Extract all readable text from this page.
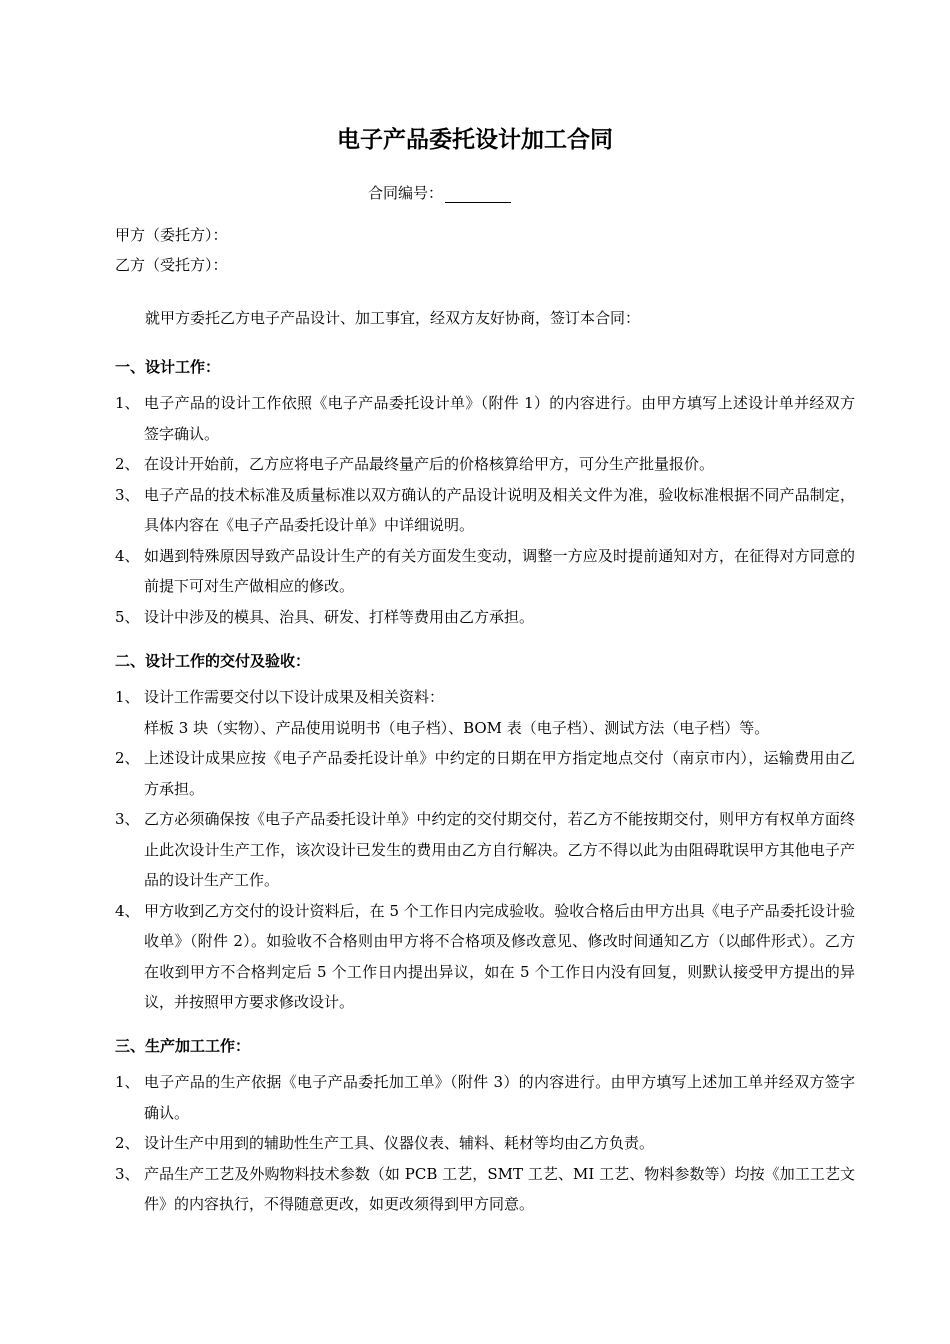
电子产品委托设计加工合同
合同编号：
甲方（委托方）：
乙方（受托方）：
就甲方委托乙方电子产品设计、加工事宜，经双方友好协商，签订本合同：
一、设计工作：
1、 电子产品的设计工作依照《电子产品委托设计单》（附件 1）的内容进行。由甲方填写上述设计单并经双方签字确认。
2、 在设计开始前，乙方应将电子产品最终量产后的价格核算给甲方，可分生产批量报价。
3、 电子产品的技术标准及质量标准以双方确认的产品设计说明及相关文件为准，验收标准根据不同产品制定，具体内容在《电子产品委托设计单》中详细说明。
4、 如遇到特殊原因导致产品设计生产的有关方面发生变动，调整一方应及时提前通知对方，在征得对方同意的前提下可对生产做相应的修改。
5、 设计中涉及的模具、治具、研发、打样等费用由乙方承担。
二、设计工作的交付及验收：
1、 设计工作需要交付以下设计成果及相关资料：
样板 3 块（实物）、产品使用说明书（电子档）、BOM 表（电子档）、测试方法（电子档）等。
2、 上述设计成果应按《电子产品委托设计单》中约定的日期在甲方指定地点交付（南京市内），运输费用由乙方承担。
3、 乙方必须确保按《电子产品委托设计单》中约定的交付期交付，若乙方不能按期交付，则甲方有权单方面终止此次设计生产工作，该次设计已发生的费用由乙方自行解决。乙方不得以此为由阻碍耽误甲方其他电子产品的设计生产工作。
4、 甲方收到乙方交付的设计资料后，在 5 个工作日内完成验收。验收合格后由甲方出具《电子产品委托设计验收单》（附件 2）。如验收不合格则由甲方将不合格项及修改意见、修改时间通知乙方（以邮件形式）。乙方在收到甲方不合格判定后 5 个工作日内提出异议，如在 5 个工作日内没有回复，则默认接受甲方提出的异议，并按照甲方要求修改设计。
三、生产加工工作：
1、 电子产品的生产依据《电子产品委托加工单》（附件 3）的内容进行。由甲方填写上述加工单并经双方签字确认。
2、 设计生产中用到的辅助性生产工具、仪器仪表、辅料、耗材等均由乙方负责。
3、 产品生产工艺及外购物料技术参数（如 PCB 工艺，SMT 工艺、MI 工艺、物料参数等）均按《加工工艺文件》的内容执行，不得随意更改，如更改须得到甲方同意。
